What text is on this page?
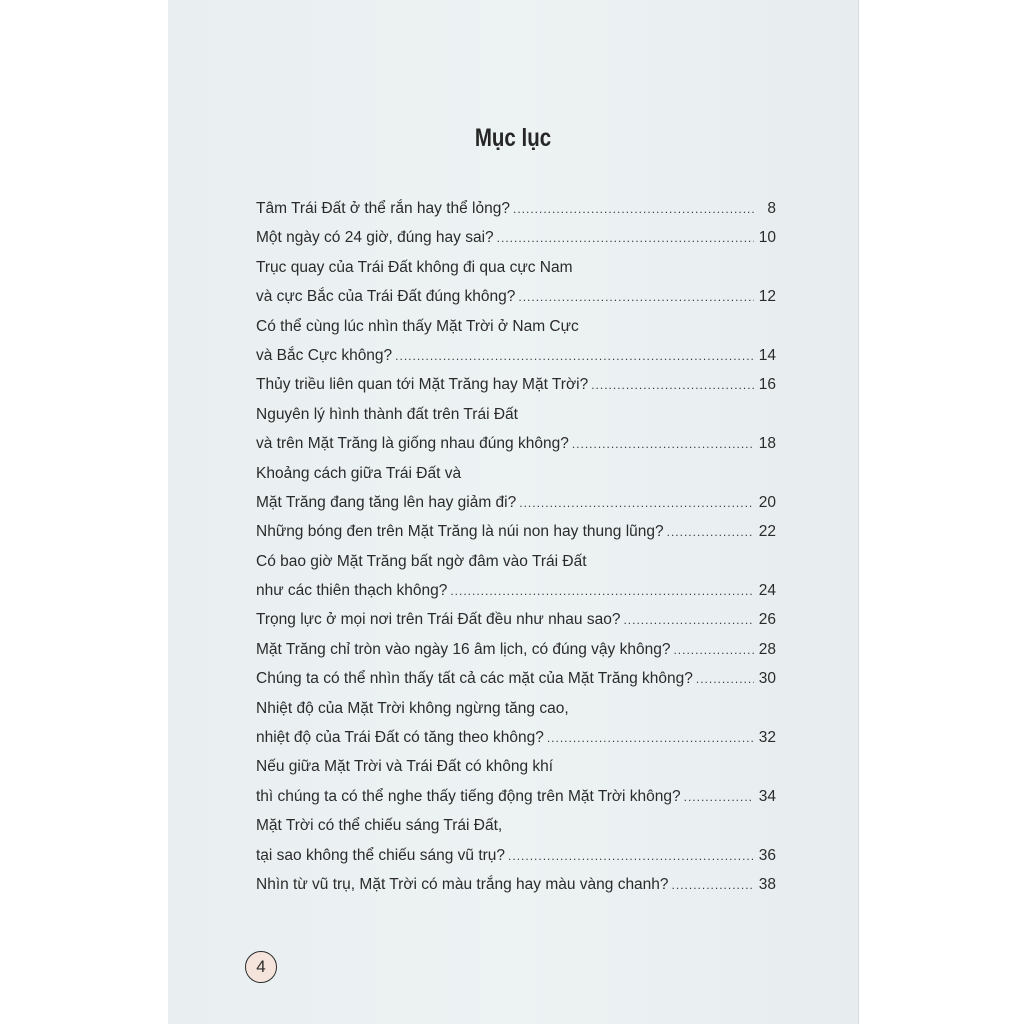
Mục lục
Tâm Trái Đất ở thể rắn hay thể lỏng? .....	8
Một ngày có 24 giờ, đúng hay sai? .....	10
Trục quay của Trái Đất không đi qua cực Nam
và cực Bắc của Trái Đất đúng không? .....	12
Có thể cùng lúc nhìn thấy Mặt Trời ở Nam Cực
và Bắc Cực không? .....	14
Thủy triều liên quan tới Mặt Trăng hay Mặt Trời? .....	16
Nguyên lý hình thành đất trên Trái Đất
và trên Mặt Trăng là giống nhau đúng không? .....	18
Khoảng cách giữa Trái Đất và
Mặt Trăng đang tăng lên hay giảm đi? .....	20
Những bóng đen trên Mặt Trăng là núi non hay thung lũng? .....	22
Có bao giờ Mặt Trăng bất ngờ đâm vào Trái Đất
như các thiên thạch không? .....	24
Trọng lực ở mọi nơi trên Trái Đất đều như nhau sao? .....	26
Mặt Trăng chỉ tròn vào ngày 16 âm lịch, có đúng vậy không? .....	28
Chúng ta có thể nhìn thấy tất cả các mặt của Mặt Trăng không? .....	30
Nhiệt độ của Mặt Trời không ngừng tăng cao,
nhiệt độ của Trái Đất có tăng theo không? .....	32
Nếu giữa Mặt Trời và Trái Đất có không khí
thì chúng ta có thể nghe thấy tiếng động trên Mặt Trời không? .....	34
Mặt Trời có thể chiếu sáng Trái Đất,
tại sao không thể chiếu sáng vũ trụ? .....	36
Nhìn từ vũ trụ, Mặt Trời có màu trắng hay màu vàng chanh? .....	38
4
